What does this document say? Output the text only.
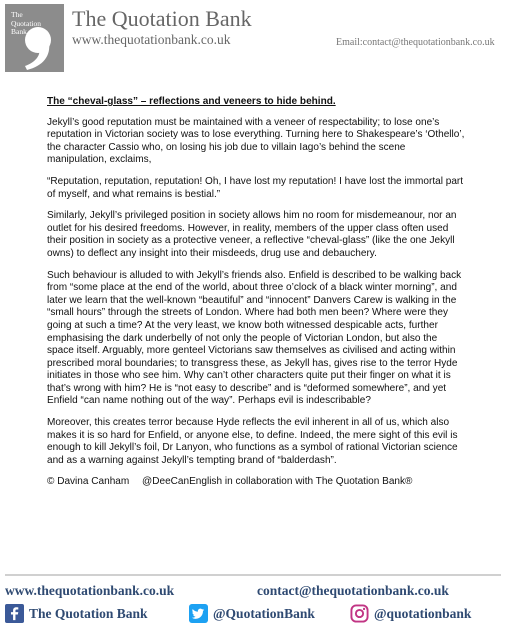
The
Quotation
Bank
The Quotation Bank
www.thequotationbank.co.uk	Email:contact@thequotationbank.co.uk
The “cheval-glass” – reflections and veneers to hide behind.

Jekyll’s good reputation must be maintained with a veneer of respectability; to lose one’s reputation in Victorian society was to lose everything. Turning here to Shakespeare’s ‘Othello’, the character Cassio who, on losing his job due to villain Iago’s behind the scene manipulation, exclaims,

“Reputation, reputation, reputation! Oh, I have lost my reputation! I have lost the immortal part of myself, and what remains is bestial.”

Similarly, Jekyll’s privileged position in society allows him no room for misdemeanour, nor an outlet for his desired freedoms. However, in reality, members of the upper class often used their position in society as a protective veneer, a reflective “cheval-glass” (like the one Jekyll owns) to deflect any insight into their misdeeds, drug use and debauchery.

Such behaviour is alluded to with Jekyll’s friends also. Enfield is described to be walking back from “some place at the end of the world, about three o’clock of a black winter morning”, and later we learn that the well-known “beautiful” and “innocent” Danvers Carew is walking in the “small hours” through the streets of London. Where had both men been? Where were they going at such a time? At the very least, we know both witnessed despicable acts, further emphasising the dark underbelly of not only the people of Victorian London, but also the space itself. Arguably, more genteel Victorians saw themselves as civilised and acting within prescribed moral boundaries; to transgress these, as Jekyll has, gives rise to the terror Hyde initiates in those who see him. Why can’t other characters quite put their finger on what it is that’s wrong with him? He is “not easy to describe” and is “deformed somewhere”, and yet Enfield “can name nothing out of the way”. Perhaps evil is indescribable?

Moreover, this creates terror because Hyde reflects the evil inherent in all of us, which also makes it is so hard for Enfield, or anyone else, to define. Indeed, the mere sight of this evil is enough to kill Jekyll’s foil, Dr Lanyon, who functions as a symbol of rational Victorian science and as a warning against Jekyll’s tempting brand of “balderdash”.

© Davina Canham @DeeCanEnglish in collaboration with The Quotation Bank®
www.thequotationbank.co.uk	contact@thequotationbank.co.uk
The Quotation Bank	@QuotationBank	@quotationbank
